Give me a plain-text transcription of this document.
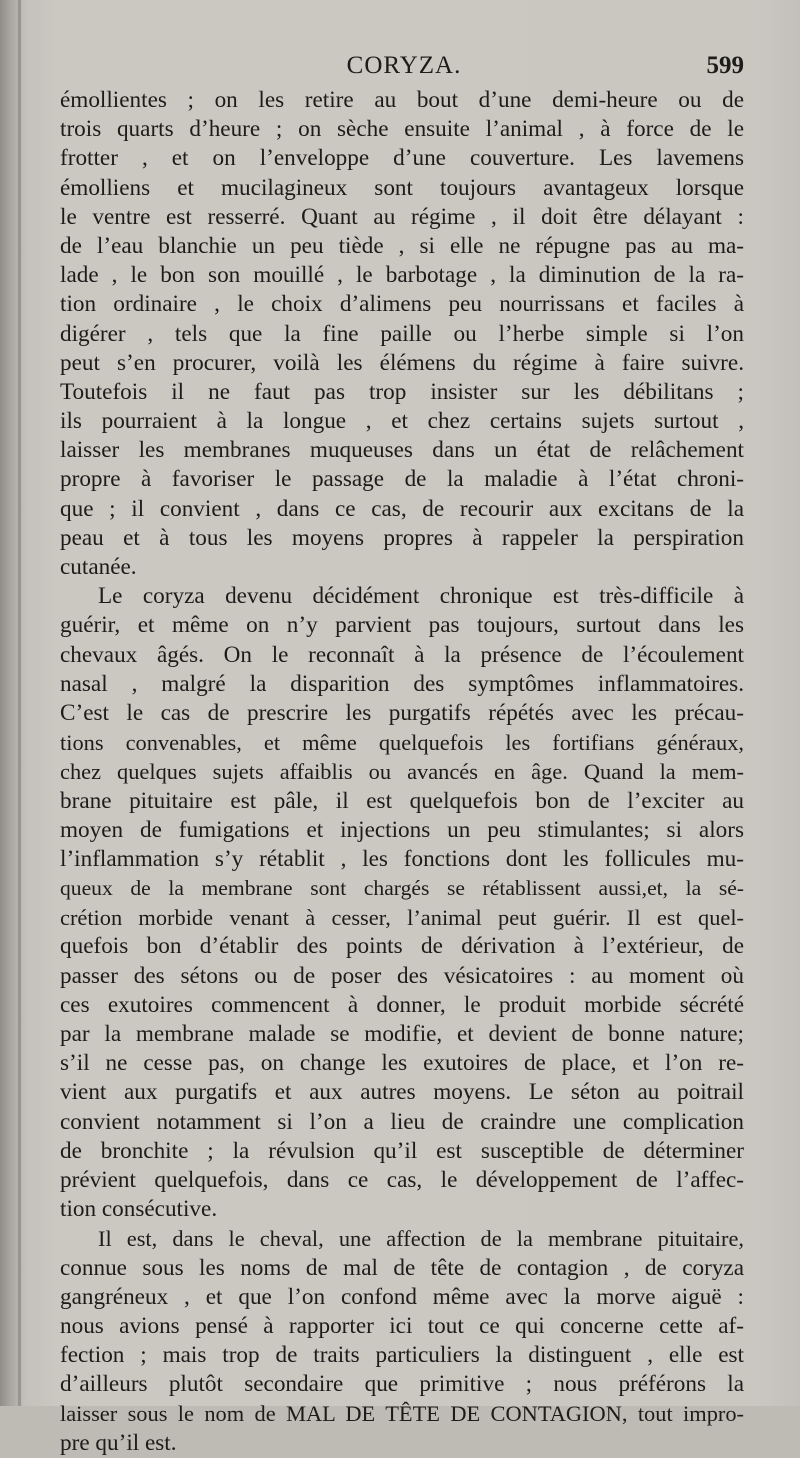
CORYZA.	599
émollientes ; on les retire au bout d’une demi-heure ou de
trois quarts d’heure ; on sèche ensuite l’animal , à force de le
frotter , et on l’enveloppe d’une couverture. Les lavemens
émolliens et mucilagineux sont toujours avantageux lorsque
le ventre est resserré. Quant au régime , il doit être délayant :
de l’eau blanchie un peu tiède , si elle ne répugne pas au ma-
lade , le bon son mouillé , le barbotage , la diminution de la ra-
tion ordinaire , le choix d’alimens peu nourrissans et faciles à
digérer , tels que la fine paille ou l’herbe simple si l’on
peut s’en procurer, voilà les élémens du régime à faire suivre.
Toutefois il ne faut pas trop insister sur les débilitans ;
ils pourraient à la longue , et chez certains sujets surtout ,
laisser les membranes muqueuses dans un état de relâchement
propre à favoriser le passage de la maladie à l’état chroni-
que ; il convient , dans ce cas, de recourir aux excitans de la
peau et à tous les moyens propres à rappeler la perspiration
cutanée.
Le coryza devenu décidément chronique est très-difficile à
guérir, et même on n’y parvient pas toujours, surtout dans les
chevaux âgés. On le reconnaît à la présence de l’écoulement
nasal , malgré la disparition des symptômes inflammatoires.
C’est le cas de prescrire les purgatifs répétés avec les précau-
tions convenables, et même quelquefois les fortifians généraux,
chez quelques sujets affaiblis ou avancés en âge. Quand la mem-
brane pituitaire est pâle, il est quelquefois bon de l’exciter au
moyen de fumigations et injections un peu stimulantes; si alors
l’inflammation s’y rétablit , les fonctions dont les follicules mu-
queux de la membrane sont chargés se rétablissent aussi,et, la sé-
crétion morbide venant à cesser, l’animal peut guérir. Il est quel-
quefois bon d’établir des points de dérivation à l’extérieur, de
passer des sétons ou de poser des vésicatoires : au moment où
ces exutoires commencent à donner, le produit morbide sécrété
par la membrane malade se modifie, et devient de bonne nature;
s’il ne cesse pas, on change les exutoires de place, et l’on re-
vient aux purgatifs et aux autres moyens. Le séton au poitrail
convient notamment si l’on a lieu de craindre une complication
de bronchite ; la révulsion qu’il est susceptible de déterminer
prévient quelquefois, dans ce cas, le développement de l’affec-
tion consécutive.
Il est, dans le cheval, une affection de la membrane pituitaire,
connue sous les noms de mal de tête de contagion , de coryza
gangréneux , et que l’on confond même avec la morve aiguë :
nous avions pensé à rapporter ici tout ce qui concerne cette af-
fection ; mais trop de traits particuliers la distinguent , elle est
d’ailleurs plutôt secondaire que primitive ; nous préférons la
laisser sous le nom de MAL DE TÊTE DE CONTAGION, tout impro-
pre qu’il est.
